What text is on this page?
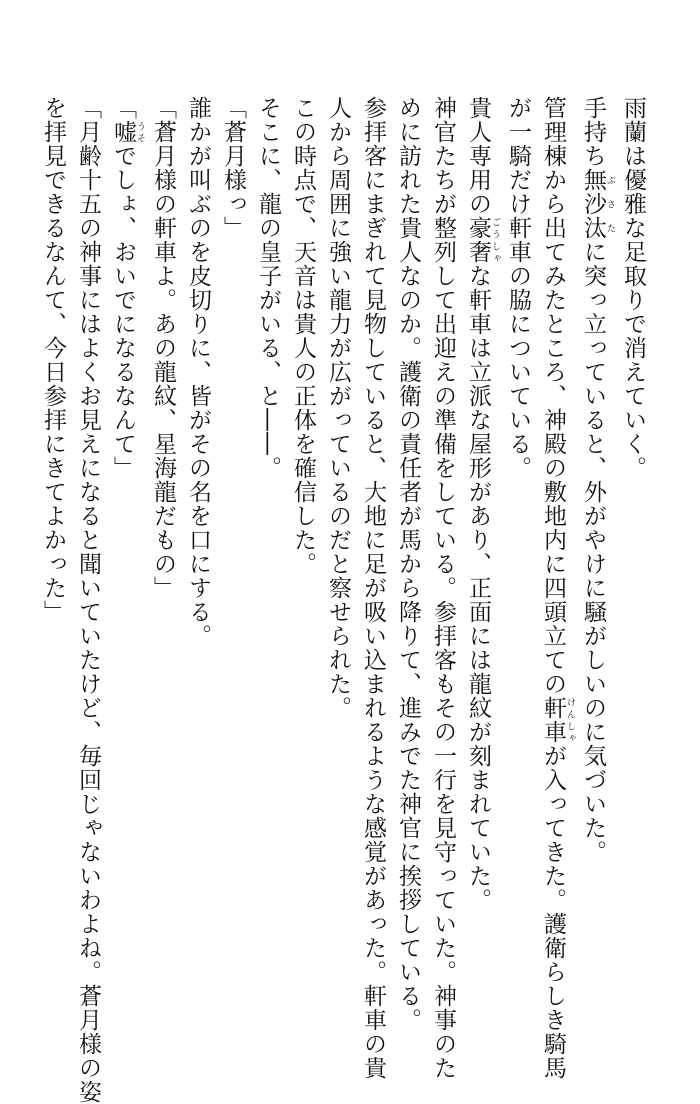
雨蘭は優雅な足取りで消えていく。
手持ち無沙汰 ぶさたに突っ立っていると、外がやけに騒がしいのに気づいた。
管理棟から出てみたところ、神殿の敷地内に四頭立ての軒車 けんしゃが入ってきた。護衛らしき騎馬
が一騎だけ軒車の脇についている。
貴人専用の豪奢 ごうしゃな軒車は立派な屋形があり、正面には龍紋が刻まれていた。
神官たちが整列して出迎えの準備をしている。参拝客もその一行を見守っていた。神事のた
めに訪れた貴人なのか。護衛の責任者が馬から降りて、進みでた神官に挨拶している。
参拝客にまぎれて見物していると、大地に足が吸い込まれるような感覚があった。軒車の貴
人から周囲に強い龍力が広がっているのだと察せられた。
この時点で、天音は貴人の正体を確信した。
そこに、龍の皇子がいる、と――。
「蒼月様っ」
誰かが叫ぶのを皮切りに、皆がその名を口にする。
「蒼月様の軒車よ。あの龍紋、星海龍だもの」
「嘘 うそでしょ、おいでになるなんて」
「月齢十五の神事にはよくお見えになると聞いていたけど、毎回じゃないわよね。蒼月様の姿
を拝見できるなんて、今日参拝にきてよかった」
